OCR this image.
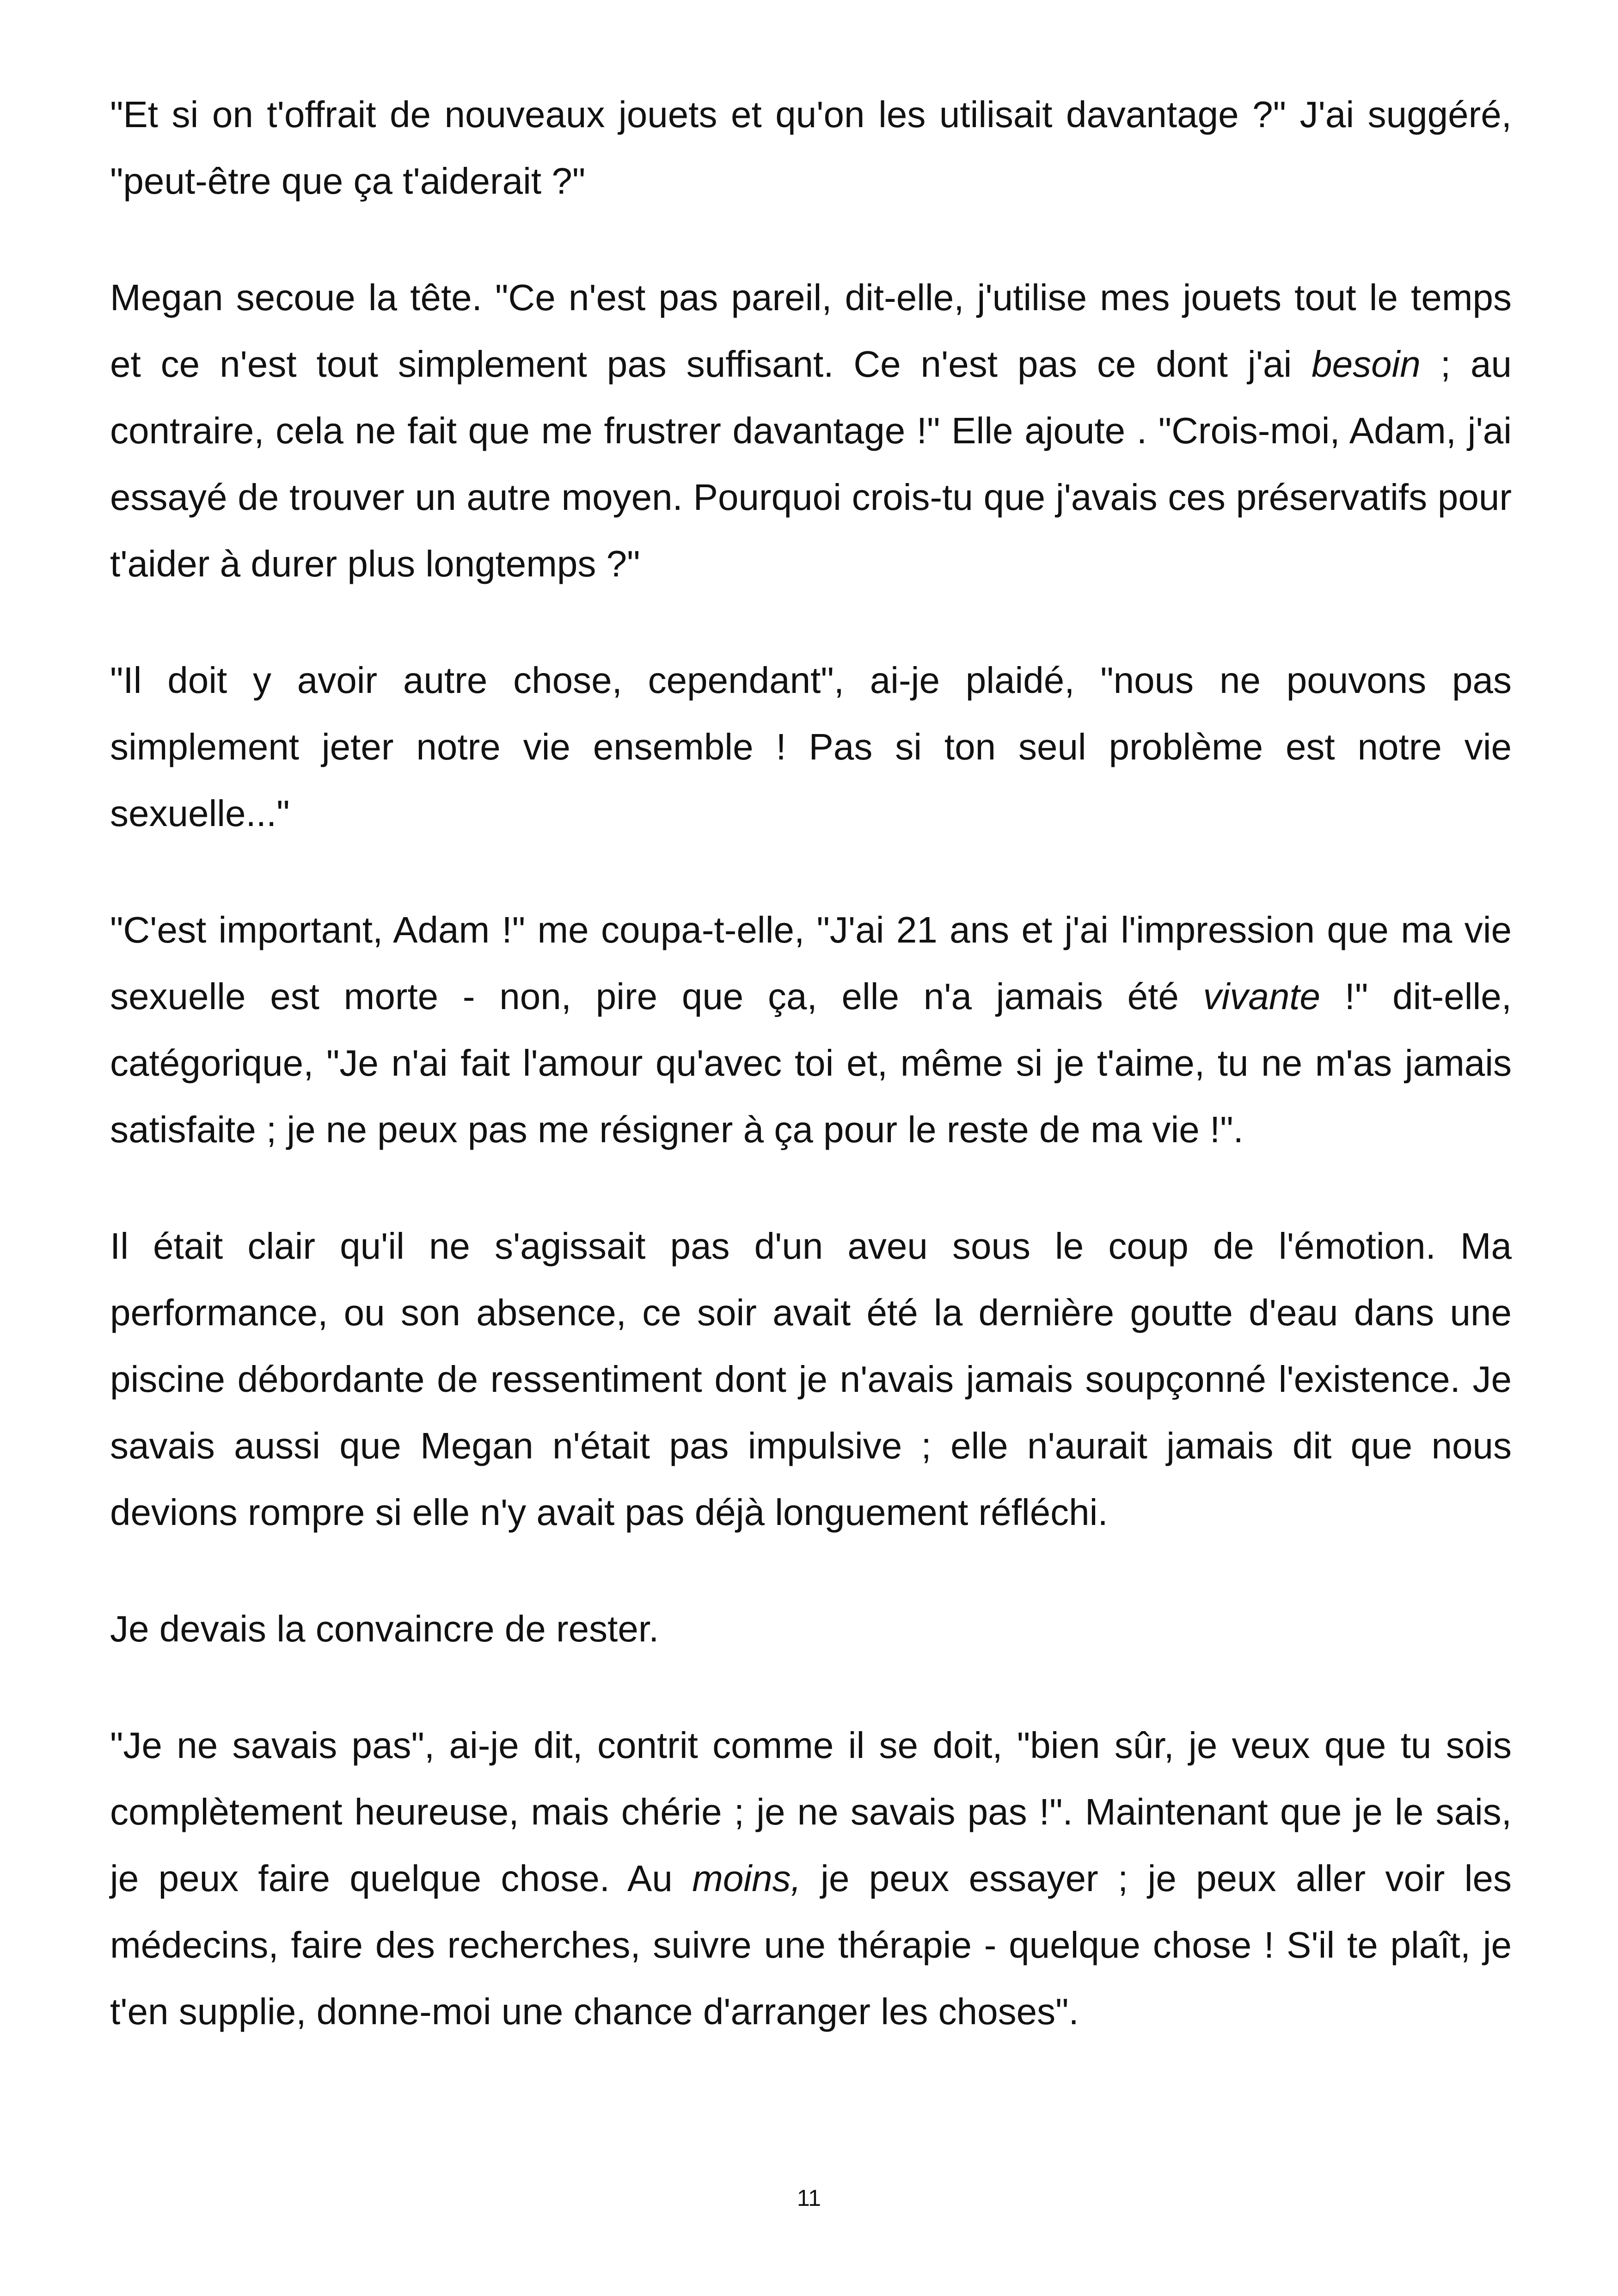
"Et si on t'offrait de nouveaux jouets et qu'on les utilisait davantage ?" J'ai suggéré, "peut-être que ça t'aiderait ?"

Megan secoue la tête. "Ce n'est pas pareil, dit-elle, j'utilise mes jouets tout le temps et ce n'est tout simplement pas suffisant. Ce n'est pas ce dont j'ai besoin ; au contraire, cela ne fait que me frustrer davantage !" Elle ajoute . "Crois-moi, Adam, j'ai essayé de trouver un autre moyen. Pourquoi crois-tu que j'avais ces préservatifs pour t'aider à durer plus longtemps ?"

"Il doit y avoir autre chose, cependant", ai-je plaidé, "nous ne pouvons pas simplement jeter notre vie ensemble ! Pas si ton seul problème est notre vie sexuelle..."

"C'est important, Adam !" me coupa-t-elle, "J'ai 21 ans et j'ai l'impression que ma vie sexuelle est morte - non, pire que ça, elle n'a jamais été vivante !" dit-elle, catégorique, "Je n'ai fait l'amour qu'avec toi et, même si je t'aime, tu ne m'as jamais satisfaite ; je ne peux pas me résigner à ça pour le reste de ma vie !".

Il était clair qu'il ne s'agissait pas d'un aveu sous le coup de l'émotion. Ma performance, ou son absence, ce soir avait été la dernière goutte d'eau dans une piscine débordante de ressentiment dont je n'avais jamais soupçonné l'existence. Je savais aussi que Megan n'était pas impulsive ; elle n'aurait jamais dit que nous devions rompre si elle n'y avait pas déjà longuement réfléchi.

Je devais la convaincre de rester.

"Je ne savais pas", ai-je dit, contrit comme il se doit, "bien sûr, je veux que tu sois complètement heureuse, mais chérie ; je ne savais pas !". Maintenant que je le sais, je peux faire quelque chose. Au moins, je peux essayer ; je peux aller voir les médecins, faire des recherches, suivre une thérapie - quelque chose ! S'il te plaît, je t'en supplie, donne-moi une chance d'arranger les choses".

11
